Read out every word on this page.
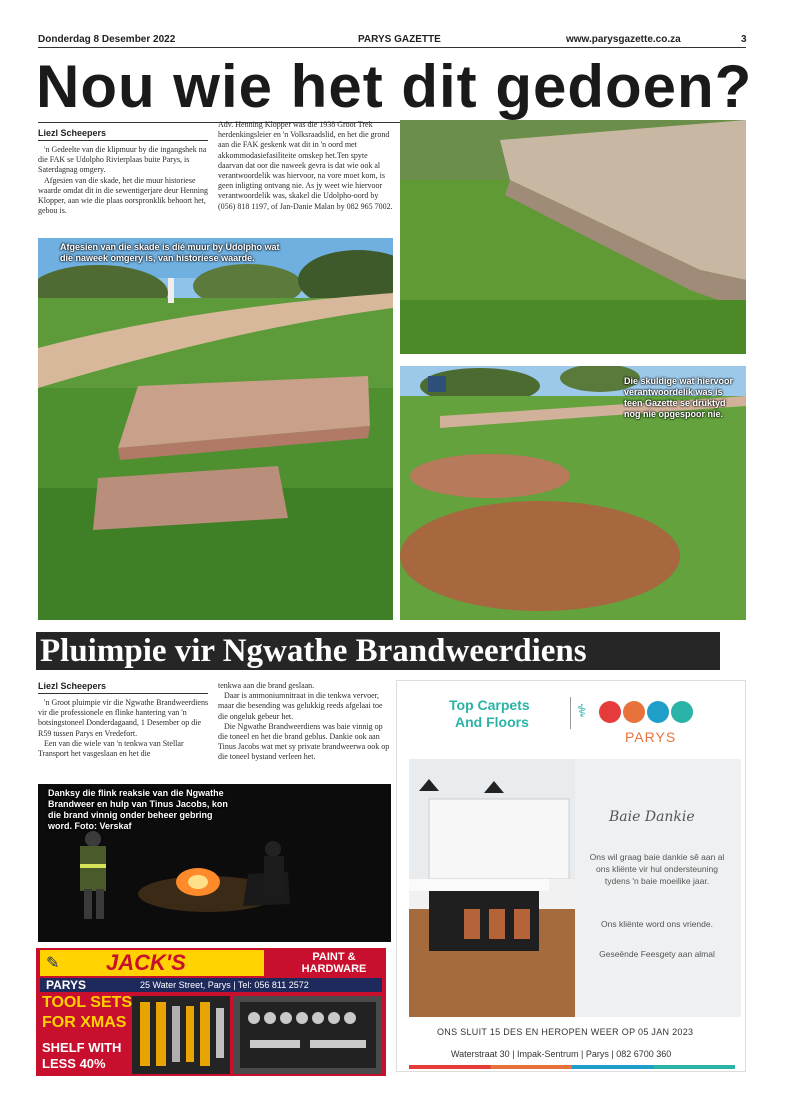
Donderdag 8 Desember 2022	PARYS GAZETTE	www.parysgazette.co.za	3
Nou wie het dit gedoen?
Liezl Scheepers

'n Gedeelte van die klipmuur by die ingangshek na die FAK se Udolpho Rivierplaas buite Parys, is Saterdagnag omgery.

Afgesien van die skade, het die muur historiese waarde omdat dit in die sewentigerjare deur Henning Klopper, aan wie die plaas oorspronklik behoort het, gebou is.

Adv. Henning Klopper was die 1938 Groot Trek herdenkingsleier en 'n Volksraadslid, en het die grond aan die FAK geskenk wat dit in 'n oord met akkommodasiefasiliteite omskep het.Ten spyte daarvan dat oor die naweek gevra is dat wie ook al verantwoordelik was hiervoor, na vore moet kom, is geen inligting ontvang nie. As jy weet wie hiervoor verantwoordelik was, skakel die Udolpho-oord by (056) 818 1197, of Jan-Danie Malan by 082 965 7002.

Afgesien van die skade is dié muur by Udolpho wat die naweek omgery is, van historiese waarde.
Die skuldige wat hiervoor verantwoordelik was is teen Gazette se druktyd nog nie opgespoor nie.
Pluimpie vir Ngwathe Brandweerdiens
Liezl Scheepers

'n Groot pluimpie vir die Ngwathe Brandweerdiens vir die professionele en flinke hantering van 'n botsingstoneel Donderdagaand, 1 Desember op die R59 tussen Parys en Vredefort.

Een van die wiele van 'n tenkwa van Stellar Transport het vasgeslaan en het die

tenkwa aan die brand geslaan.

Daar is ammoniumnitraat in die tenkwa vervoer, maar die besending was gelukkig reeds afgelaai toe die ongeluk gebeur het.

Die Ngwathe Brandweerdiens was baie vinnig op die toneel en het die brand geblus. Dankie ook aan Tinus Jacobs wat met sy private brandweerwa ook op die toneel bystand verleen het.

Danksy die flink reaksie van die Ngwathe Brandweer en hulp van Tinus Jacobs, kon die brand vinnig onder beheer gebring word. Foto: Verskaf
Top Carpets
And Floors	⚕
PARYS
Baie Dankie
Ons wil graag baie dankie sê aan al ons kliënte vir hul ondersteuning tydens 'n baie moeilike jaar.
Ons kliënte word ons vriende.
Geseënde Feesgety aan almal
ONS SLUIT 15 DES EN HEROPEN WEER OP 05 JAN 2023
Waterstraat 30 | Impak-Sentrum | Parys | 082 6700 360
✎ JACK'S	PAINT &
HARDWARE
PARYS	25 Water Street, Parys | Tel: 056 811 2572
TOOL SETS
FOR XMAS
SHELF WITH
LESS 40%
